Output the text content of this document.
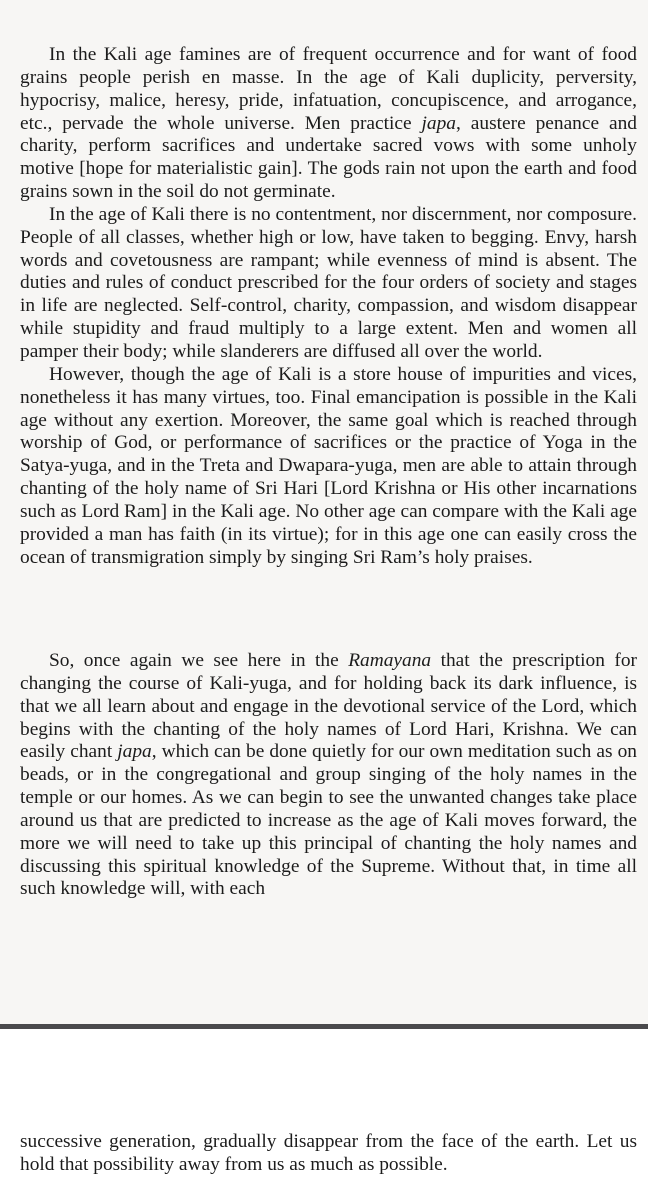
In the Kali age famines are of frequent occurrence and for want of food grains people perish en masse. In the age of Kali duplicity, perversity, hypocrisy, malice, heresy, pride, infatuation, concupiscence, and arrogance, etc., pervade the whole universe. Men practice japa, austere penance and charity, perform sacrifices and undertake sacred vows with some unholy motive [hope for materialistic gain]. The gods rain not upon the earth and food grains sown in the soil do not germinate.

In the age of Kali there is no contentment, nor discernment, nor composure. People of all classes, whether high or low, have taken to begging. Envy, harsh words and covetousness are rampant; while evenness of mind is absent. The duties and rules of conduct prescribed for the four orders of society and stages in life are neglected. Self-control, charity, compassion, and wisdom disappear while stupidity and fraud multiply to a large extent. Men and women all pamper their body; while slanderers are diffused all over the world.

However, though the age of Kali is a store house of impurities and vices, nonetheless it has many virtues, too. Final emancipation is possible in the Kali age without any exertion. Moreover, the same goal which is reached through worship of God, or performance of sacrifices or the practice of Yoga in the Satya-yuga, and in the Treta and Dwapara-yuga, men are able to attain through chanting of the holy name of Sri Hari [Lord Krishna or His other incarnations such as Lord Ram] in the Kali age. No other age can compare with the Kali age provided a man has faith (in its virtue); for in this age one can easily cross the ocean of transmigration simply by singing Sri Ram’s holy praises.

So, once again we see here in the Ramayana that the prescription for changing the course of Kali-yuga, and for holding back its dark influence, is that we all learn about and engage in the devotional service of the Lord, which begins with the chanting of the holy names of Lord Hari, Krishna. We can easily chant japa, which can be done quietly for our own meditation such as on beads, or in the congregational and group singing of the holy names in the temple or our homes. As we can begin to see the unwanted changes take place around us that are predicted to increase as the age of Kali moves forward, the more we will need to take up this principal of chanting the holy names and discussing this spiritual knowledge of the Supreme. Without that, in time all such knowledge will, with each

successive generation, gradually disappear from the face of the earth. Let us hold that possibility away from us as much as possible.
